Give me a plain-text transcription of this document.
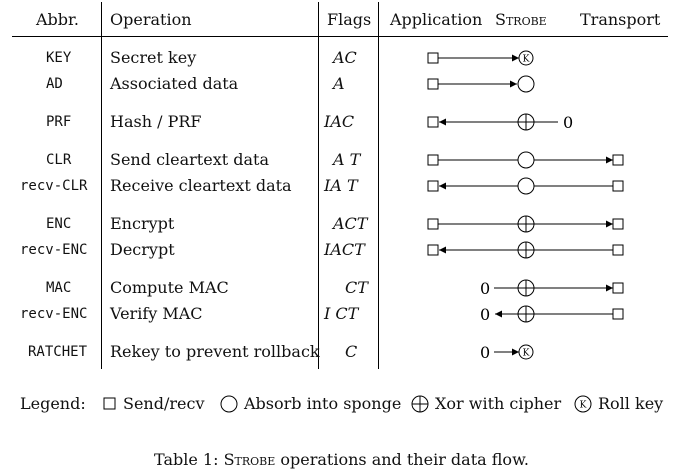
Abbr. Operation	Flags Application Strobe Transport
KEY
AD
PRF
CLR
recv-CLR
ENC
recv-ENC
MAC
recv-ENC
RATCHET
Secret key
Associated data
Hash / PRF
Send cleartext data
Receive cleartext data
Encrypt
Decrypt
Compute MAC
Verify MAC
Rekey to prevent rollback
AC
A
IAC
A T
IA T
ACT
IACT
CT
I CT
C
K
K
K
0
0
0
0
Legend: Send/recv Absorb into sponge Xor with cipher Roll key
Table 1: Strobe operations and their data flow.
